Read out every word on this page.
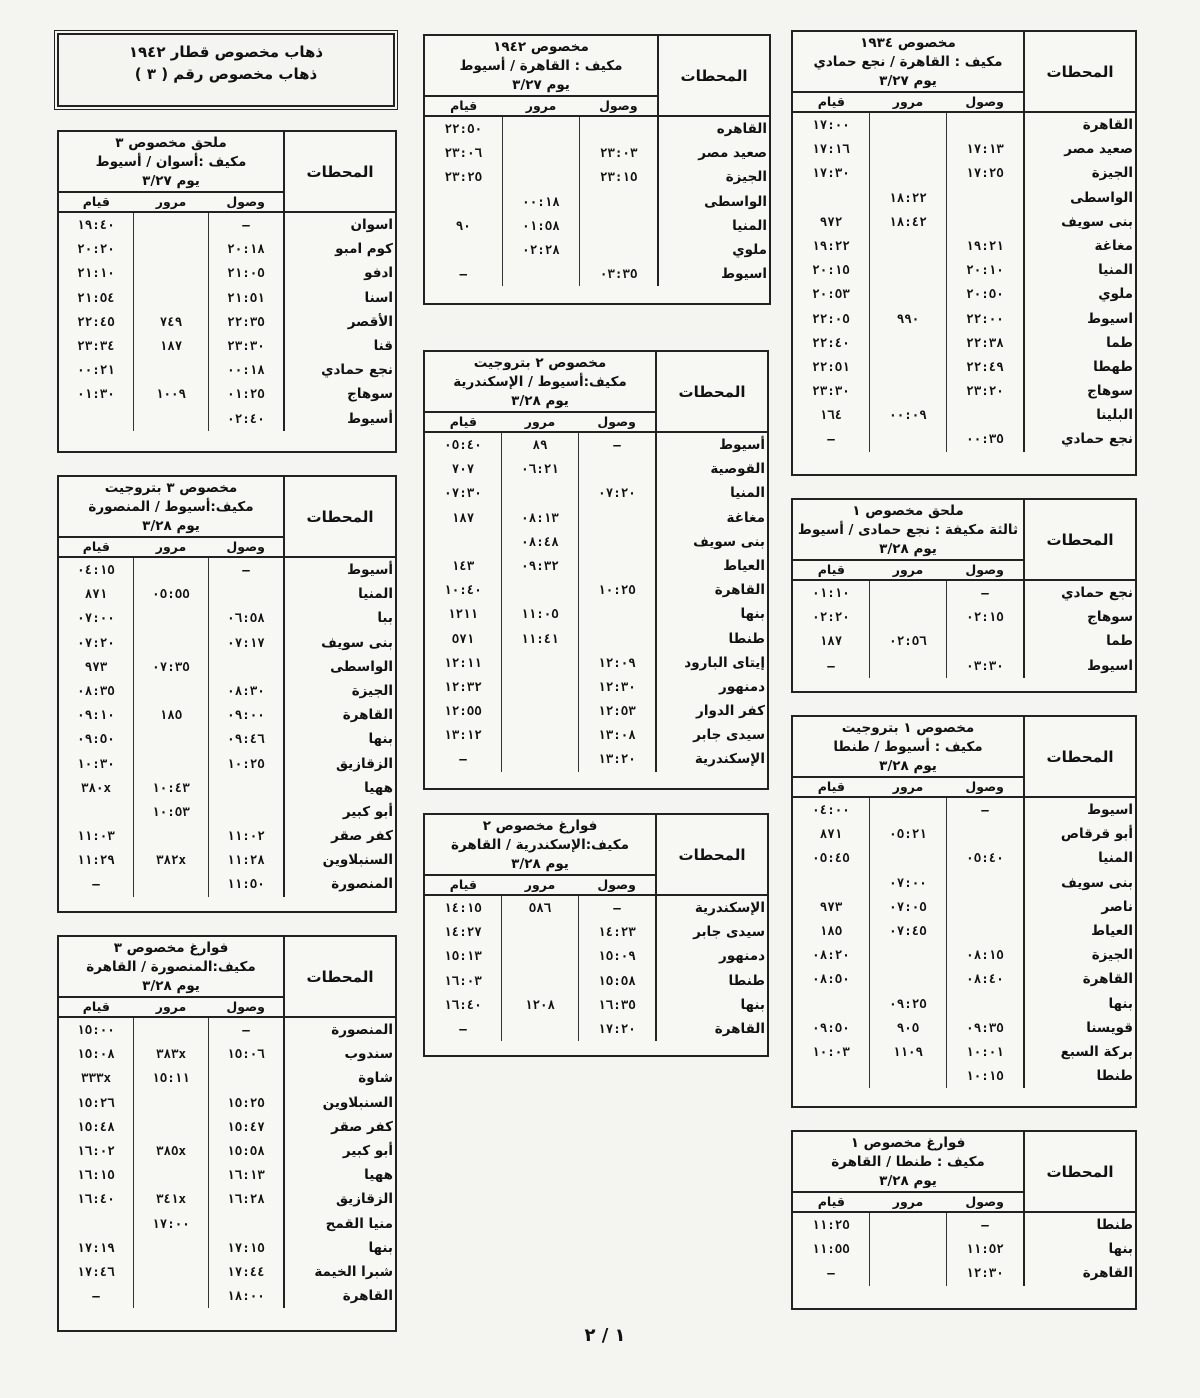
ذهاب مخصوص قطار ١٩٤٢
ذهاب مخصوص رقم ( ٣ )	المحطات
مخصوص ١٩٣٤
مكيف : القاهرة / نجع حمادي
يوم ٣/٢٧
وصول
مرور
قيام
القاهرة
صعيد مصر
الجيزة
الواسطى
بنى سويف
مغاغة
المنيا
ملوي
اسيوط
طما
طهطا
سوهاج
البلينا
نجع حمادي
١٧:١٣
١٧:٢٥
١٩:٢١
٢٠:١٠
٢٠:٥٠
٢٢:٠٠
٢٢:٣٨
٢٢:٤٩
٢٣:٢٠
٠٠:٣٥
١٨:٢٢
١٨:٤٢
٩٩٠
٠٠:٠٩
١٧:٠٠
١٧:١٦
١٧:٣٠
٩٧٢
١٩:٢٢
٢٠:١٥
٢٠:٥٣
٢٢:٠٥
٢٢:٤٠
٢٢:٥١
٢٣:٣٠
١٦٤
—
المحطات
مخصوص ١٩٤٢
مكيف : القاهرة / أسيوط
يوم ٣/٢٧
وصول
مرور
قيام
القاهره
صعيد مصر
الجيزة
الواسطى
المنيا
ملوي
اسيوط
٢٣:٠٣
٢٣:١٥
٠٣:٣٥
٠٠:١٨
٠١:٥٨
٠٢:٢٨
٢٢:٥٠
٢٣:٠٦
٢٣:٢٥
٩٠
—
المحطات
ملحق مخصوص ٣
مكيف :أسوان / أسيوط
يوم ٣/٢٧
وصول
مرور
قيام
اسوان
كوم امبو
ادفو
اسنا
الأقصر
قنا
نجع حمادي
سوهاج
أسيوط
—
٢٠:١٨
٢١:٠٥
٢١:٥١
٢٢:٣٥
٢٣:٣٠
٠٠:١٨
٠١:٢٥
٠٢:٤٠
٧٤٩
١٨٧
١٠٠٩
١٩:٤٠
٢٠:٢٠
٢١:١٠
٢١:٥٤
٢٢:٤٥
٢٣:٣٤
٠٠:٢١
٠١:٣٠	المحطات
مخصوص ٢ بتروجيت
مكيف:أسيوط / الإسكندرية
يوم ٣/٢٨
وصول
مرور
قيام
أسيوط
القوصية
المنيا
مغاغة
بنى سويف
العياط
القاهرة
بنها
طنطا
إيتاى البارود
دمنهور
كفر الدوار
سيدى جابر
الإسكندرية
—
٠٧:٢٠
١٠:٢٥
١٢:٠٩
١٢:٣٠
١٢:٥٣
١٣:٠٨
١٣:٢٠
٨٩
٠٦:٢١
٠٨:١٣
٠٨:٤٨
٠٩:٣٢
١١:٠٥
١١:٤١
٠٥:٤٠
٧٠٧
٠٧:٣٠
١٨٧
١٤٣
١٠:٤٠
١٢١١
٥٧١
١٢:١١
١٢:٣٢
١٢:٥٥
١٣:١٢
—
المحطات
ملحق مخصوص ١
ثالثة مكيفة : نجع حمادى / أسيوط
يوم ٣/٢٨
وصول
مرور
قيام
نجع حمادي
سوهاج
طما
اسيوط
—
٠٢:١٥
٠٣:٣٠
٠٢:٥٦
٠١:١٠
٠٢:٢٠
١٨٧
—
المحطات
مخصوص ٣ بتروجيت
مكيف:أسيوط / المنصورة
يوم ٣/٢٨
وصول
مرور
قيام
أسيوط
المنيا
ببا
بنى سويف
الواسطى
الجيزة
القاهرة
بنها
الزقازيق
ههيا
أبو كبير
كفر صقر
السنبلاوين
المنصورة
—
٠٦:٥٨
٠٧:١٧
٠٨:٣٠
٠٩:٠٠
٠٩:٤٦
١٠:٢٥
١١:٠٢
١١:٢٨
١١:٥٠
٠٥:٥٥
٠٧:٣٥
١٨٥
١٠:٤٣
١٠:٥٣
٣٨٢x
٠٤:١٥
٨٧١
٠٧:٠٠
٠٧:٢٠
٩٧٣
٠٨:٣٥
٠٩:١٠
٠٩:٥٠
١٠:٣٠
٣٨٠x
١١:٠٣
١١:٢٩
—
المحطات
فوارغ مخصوص ٢
مكيف:الإسكندرية / القاهرة
يوم ٣/٢٨
وصول
مرور
قيام
الإسكندرية
سيدى جابر
دمنهور
طنطا
بنها
القاهرة
—
١٤:٢٣
١٥:٠٩
١٥:٥٨
١٦:٣٥
١٧:٢٠
٥٨٦
١٢٠٨
١٤:١٥
١٤:٢٧
١٥:١٣
١٦:٠٣
١٦:٤٠
—
المحطات
مخصوص ١ بتروجيت
مكيف : أسيوط / طنطا
يوم ٣/٢٨
وصول
مرور
قيام
اسيوط
أبو قرقاص
المنيا
بنى سويف
ناصر
العياط
الجيزة
القاهرة
بنها
قويسنا
بركة السبع
طنطا
—
٠٥:٤٠
٠٨:١٥
٠٨:٤٠
٠٩:٣٥
١٠:٠١
١٠:١٥
٠٥:٢١
٠٧:٠٠
٠٧:٠٥
٠٧:٤٥
٠٩:٢٥
٩٠٥
١١٠٩
٠٤:٠٠
٨٧١
٠٥:٤٥
٩٧٣
١٨٥
٠٨:٢٠
٠٨:٥٠
٠٩:٥٠
١٠:٠٣
المحطات
فوارغ مخصوص ٣
مكيف:المنصورة / القاهرة
يوم ٣/٢٨
وصول
مرور
قيام
المنصورة
سندوب
شاوة
السنبلاوين
كفر صقر
أبو كبير
ههيا
الزقازيق
منيا القمح
بنها
شبرا الخيمة
القاهرة
—
١٥:٠٦
١٥:٢٥
١٥:٤٧
١٥:٥٨
١٦:١٣
١٦:٢٨
١٧:١٥
١٧:٤٤
١٨:٠٠
٣٨٣x
١٥:١١
٣٨٥x
٣٤١x
١٧:٠٠
١٥:٠٠
١٥:٠٨
٣٣٣x
١٥:٢٦
١٥:٤٨
١٦:٠٢
١٦:١٥
١٦:٤٠
١٧:١٩
١٧:٤٦
—
المحطات
فوارغ مخصوص ١
مكيف : طنطا / القاهرة
يوم ٣/٢٨
وصول
مرور
قيام
طنطا
بنها
القاهرة
—
١١:٥٢
١٢:٣٠
١١:٢٥
١١:٥٥
—
١ / ٢
